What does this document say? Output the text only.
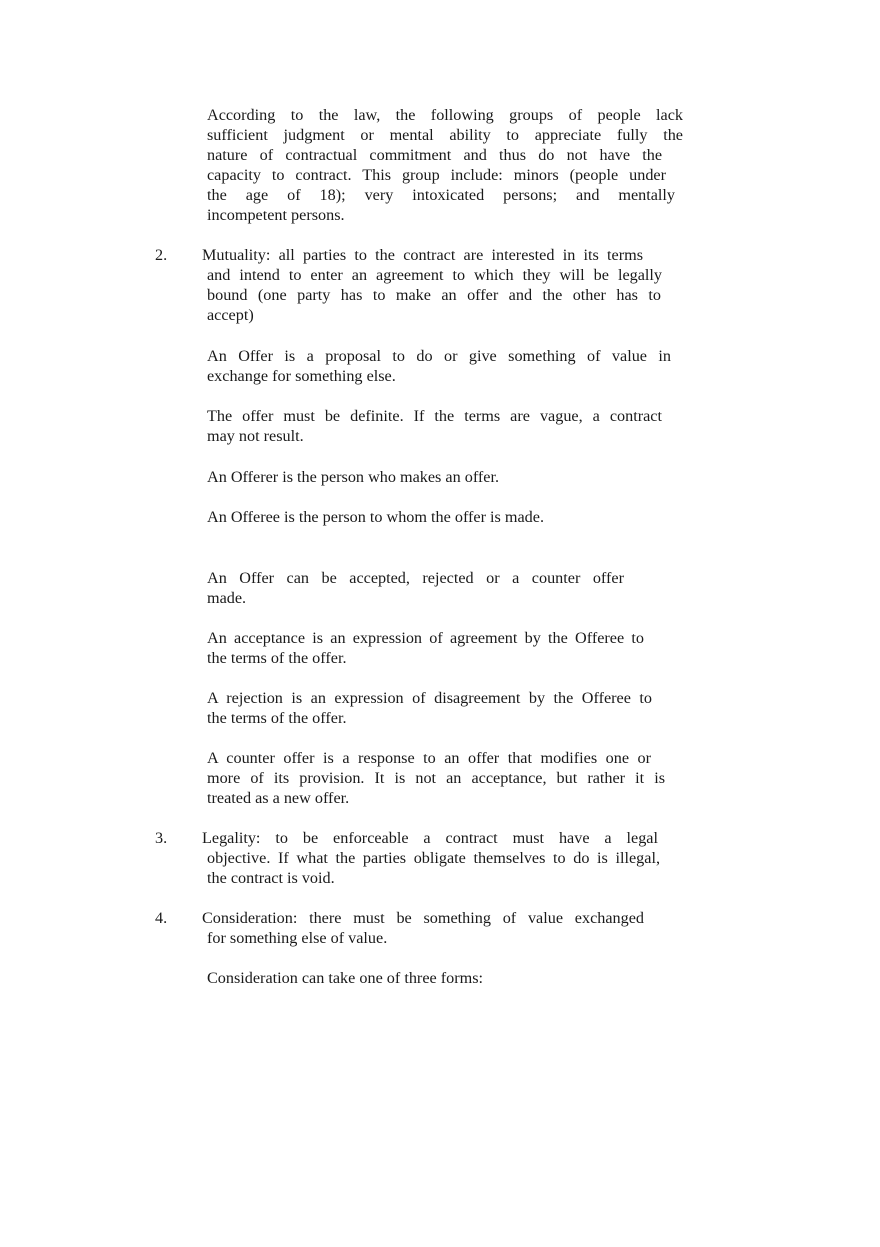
According to the law, the following groups of people lack
sufficient judgment or mental ability to appreciate fully the
nature of contractual commitment and thus do not have the
capacity to contract. This group include: minors (people under
the age of 18); very intoxicated persons; and mentally
incompetent persons.
2. Mutuality: all parties to the contract are interested in its terms
and intend to enter an agreement to which they will be legally
bound (one party has to make an offer and the other has to
accept)
An Offer is a proposal to do or give something of value in
exchange for something else.
The offer must be definite. If the terms are vague, a contract
may not result.
An Offerer is the person who makes an offer.
An Offeree is the person to whom the offer is made.
An Offer can be accepted, rejected or a counter offer
made.
An acceptance is an expression of agreement by the Offeree to
the terms of the offer.
A rejection is an expression of disagreement by the Offeree to
the terms of the offer.
A counter offer is a response to an offer that modifies one or
more of its provision. It is not an acceptance, but rather it is
treated as a new offer.
3. Legality: to be enforceable a contract must have a legal
objective. If what the parties obligate themselves to do is illegal,
the contract is void.
4. Consideration: there must be something of value exchanged
for something else of value.
Consideration can take one of three forms:
